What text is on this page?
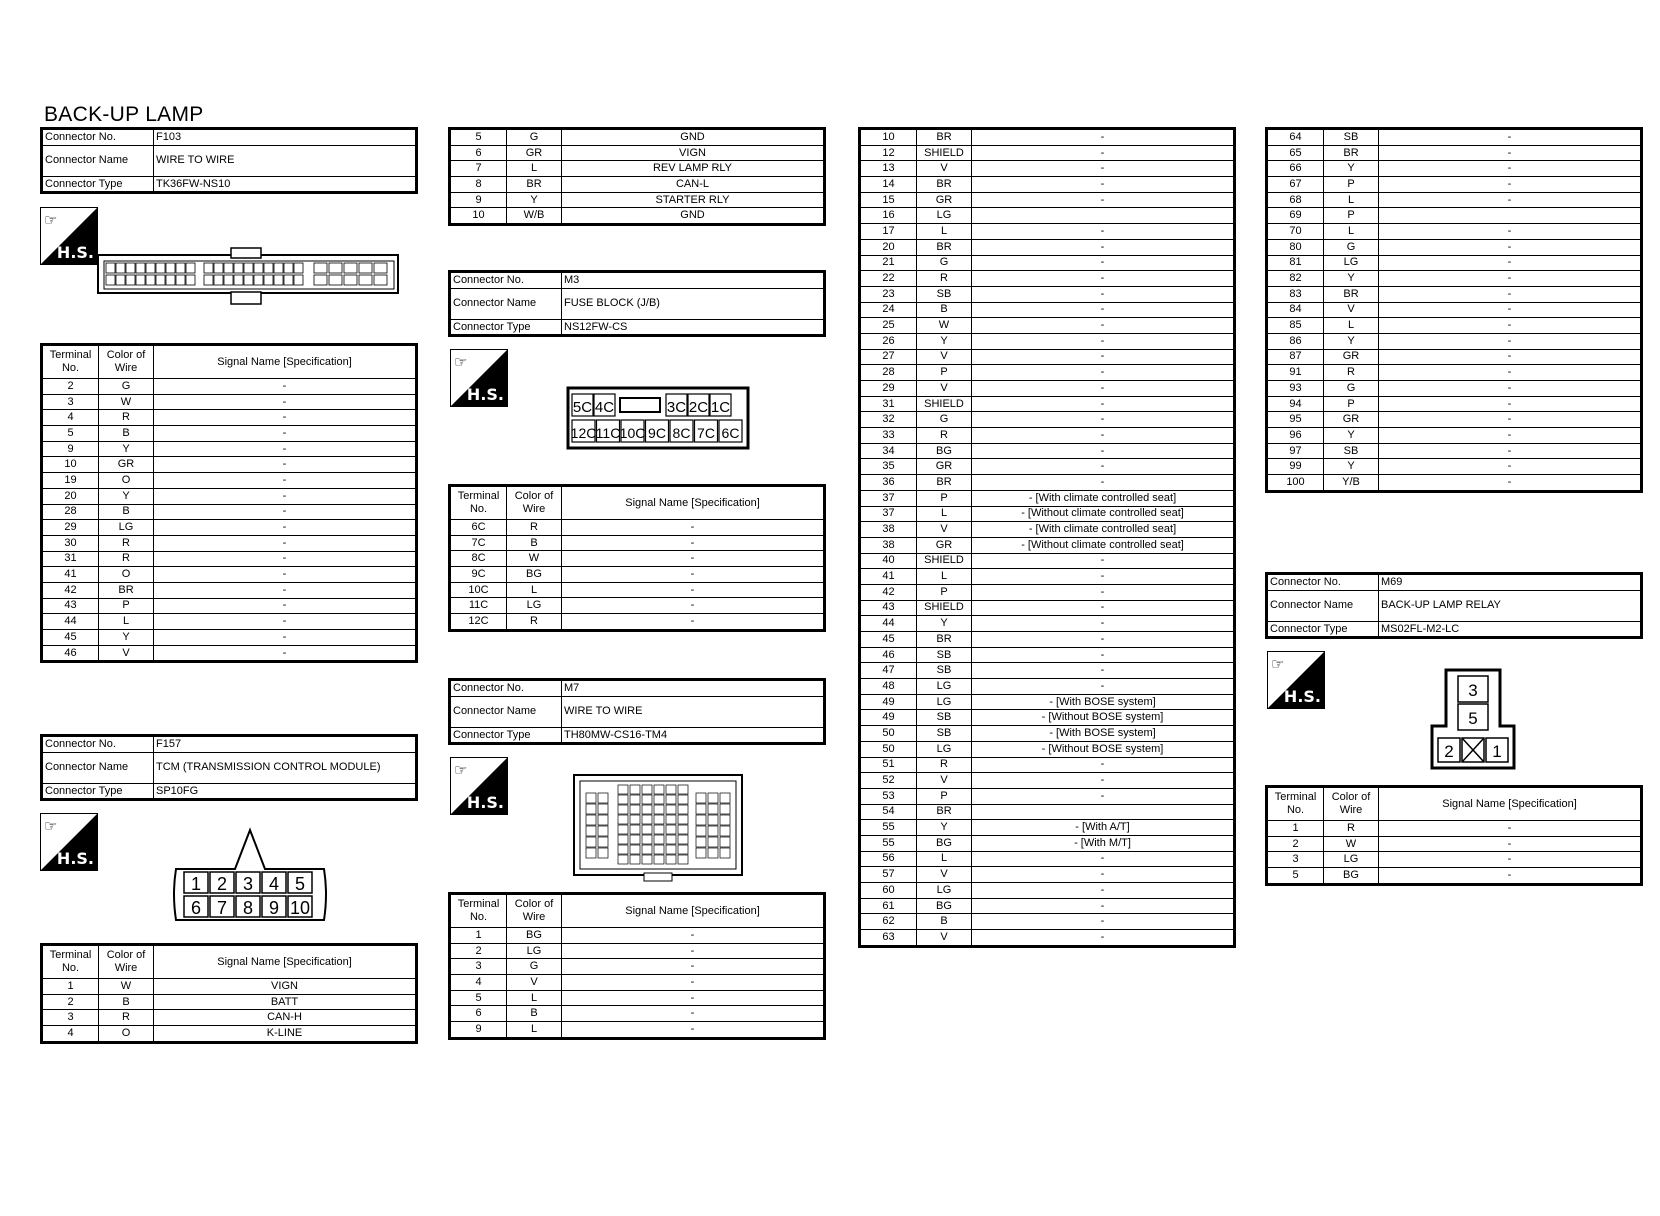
BACK-UP LAMP
Connector No.	F103
Connector Name	WIRE TO WIRE
Connector Type	TK36FW-NS10
☞
H.S.
Terminal No.	Color of Wire	Signal Name [Specification]
2	G	-
3	W	-
4	R	-
5	B	-
9	Y	-
10	GR	-
19	O	-
20	Y	-
28	B	-
29	LG	-
30	R	-
31	R	-
41	O	-
42	BR	-
43	P	-
44	L	-
45	Y	-
46	V	-
Connector No.	F157
Connector Name	TCM (TRANSMISSION CONTROL MODULE)
Connector Type	SP10FG
☞
H.S.
1 2 3 4 5
6 7 8 9 10
Terminal No.	Color of Wire	Signal Name [Specification]
1	W	VIGN
2	B	BATT
3	R	CAN-H
4	O	K-LINE
5	G	GND
6	GR	VIGN
7	L	REV LAMP RLY
8	BR	CAN-L
9	Y	STARTER RLY
10	W/B	GND
Connector No.	M3
Connector Name	FUSE BLOCK (J/B)
Connector Type	NS12FW-CS
☞
H.S.
5C 4C	3C 2C 1C
12C 11C 10C 9C 8C 7C 6C
Terminal No.	Color of Wire	Signal Name [Specification]
6C	R	-
7C	B	-
8C	W	-
9C	BG	-
10C	L	-
11C	LG	-
12C	R	-
Connector No.	M7
Connector Name	WIRE TO WIRE
Connector Type	TH80MW-CS16-TM4
☞
H.S.
Terminal No.	Color of Wire	Signal Name [Specification]
1	BG	-
2	LG	-
3	G	-
4	V	-
5	L	-
6	B	-
9	L	-
10	BR	-
12	SHIELD	-
13	V	-
14	BR	-
15	GR	-
16	LG	
17	L	-
20	BR	-
21	G	-
22	R	-
23	SB	-
24	B	-
25	W	-
26	Y	-
27	V	-
28	P	-
29	V	-
31	SHIELD	-
32	G	-
33	R	-
34	BG	-
35	GR	-
36	BR	-
37	P	- [With climate controlled seat]
37	L	- [Without climate controlled seat]
38	V	- [With climate controlled seat]
38	GR	- [Without climate controlled seat]
40	SHIELD	-
41	L	-
42	P	-
43	SHIELD	-
44	Y	-
45	BR	-
46	SB	-
47	SB	-
48	LG	-
49	LG	- [With BOSE system]
49	SB	- [Without BOSE system]
50	SB	- [With BOSE system]
50	LG	- [Without BOSE system]
51	R	-
52	V	-
53	P	-
54	BR	
55	Y	- [With A/T]
55	BG	- [With M/T]
56	L	-
57	V	-
60	LG	-
61	BG	-
62	B	-
63	V	-
64	SB	-
65	BR	-
66	Y	-
67	P	-
68	L	-
69	P	
70	L	-
80	G	-
81	LG	-
82	Y	-
83	BR	-
84	V	-
85	L	-
86	Y	-
87	GR	-
91	R	-
93	G	-
94	P	-
95	GR	-
96	Y	-
97	SB	-
99	Y	-
100	Y/B	-
Connector No.	M69
Connector Name	BACK-UP LAMP RELAY
Connector Type	MS02FL-M2-LC
☞
H.S.	3
5
2 1
Terminal No.	Color of Wire	Signal Name [Specification]
1	R	-
2	W	-
3	LG	-
5	BG	-
